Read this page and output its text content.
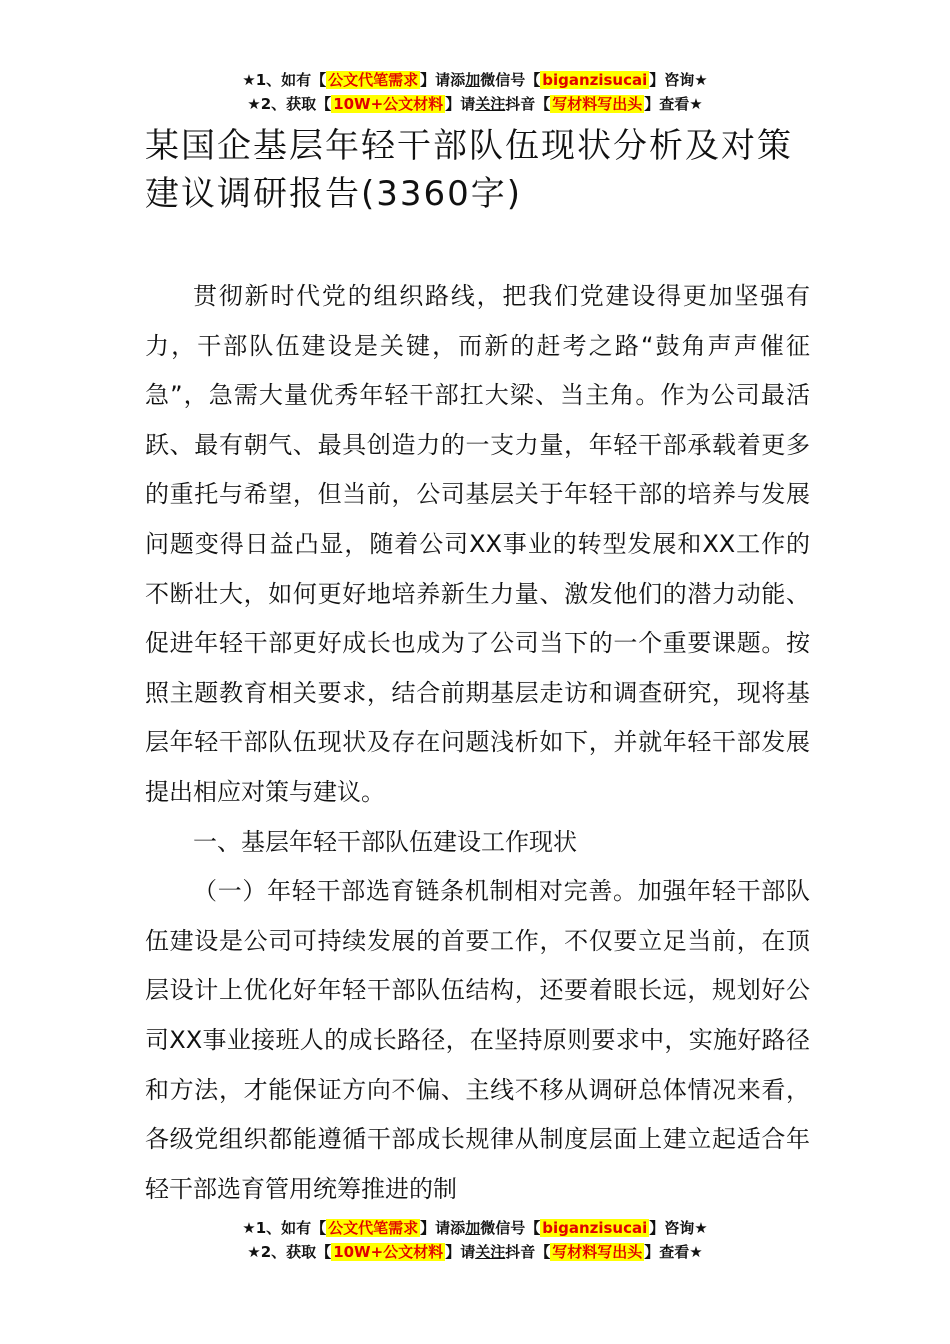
★1、如有【 公文代笔需求 】请添加微信号【 biganzisucai 】咨询★
★2、获取【 10W+公文材料 】请关注抖音【 写材料写出头 】查看★
某国企基层年轻干部队伍现状分析及对策建议调研报告(3360字)

贯彻新时代党的组织路线，把我们党建设得更加坚强有力，干部队伍建设是关键，而新的赶考之路“鼓角声声催征急”，急需大量优秀年轻干部扛大梁、当主角。作为公司最活跃、最有朝气、最具创造力的一支力量，年轻干部承载着更多的重托与希望，但当前，公司基层关于年轻干部的培养与发展问题变得日益凸显，随着公司XX事业的转型发展和XX工作的不断壮大，如何更好地培养新生力量、激发他们的潜力动能、促进年轻干部更好成长也成为了公司当下的一个重要课题。按照主题教育相关要求，结合前期基层走访和调查研究，现将基层年轻干部队伍现状及存在问题浅析如下，并就年轻干部发展提出相应对策与建议。

一、基层年轻干部队伍建设工作现状

（一）年轻干部选育链条机制相对完善。加强年轻干部队伍建设是公司可持续发展的首要工作，不仅要立足当前，在顶层设计上优化好年轻干部队伍结构，还要着眼长远，规划好公司XX事业接班人的成长路径，在坚持原则要求中，实施好路径和方法，才能保证方向不偏、主线不移从调研总体情况来看，各级党组织都能遵循干部成长规律从制度层面上建立起适合年轻干部选育管用统筹推进的制

★1、如有【 公文代笔需求 】请添加微信号【 biganzisucai 】咨询★
★2、获取【 10W+公文材料 】请关注抖音【 写材料写出头 】查看★
